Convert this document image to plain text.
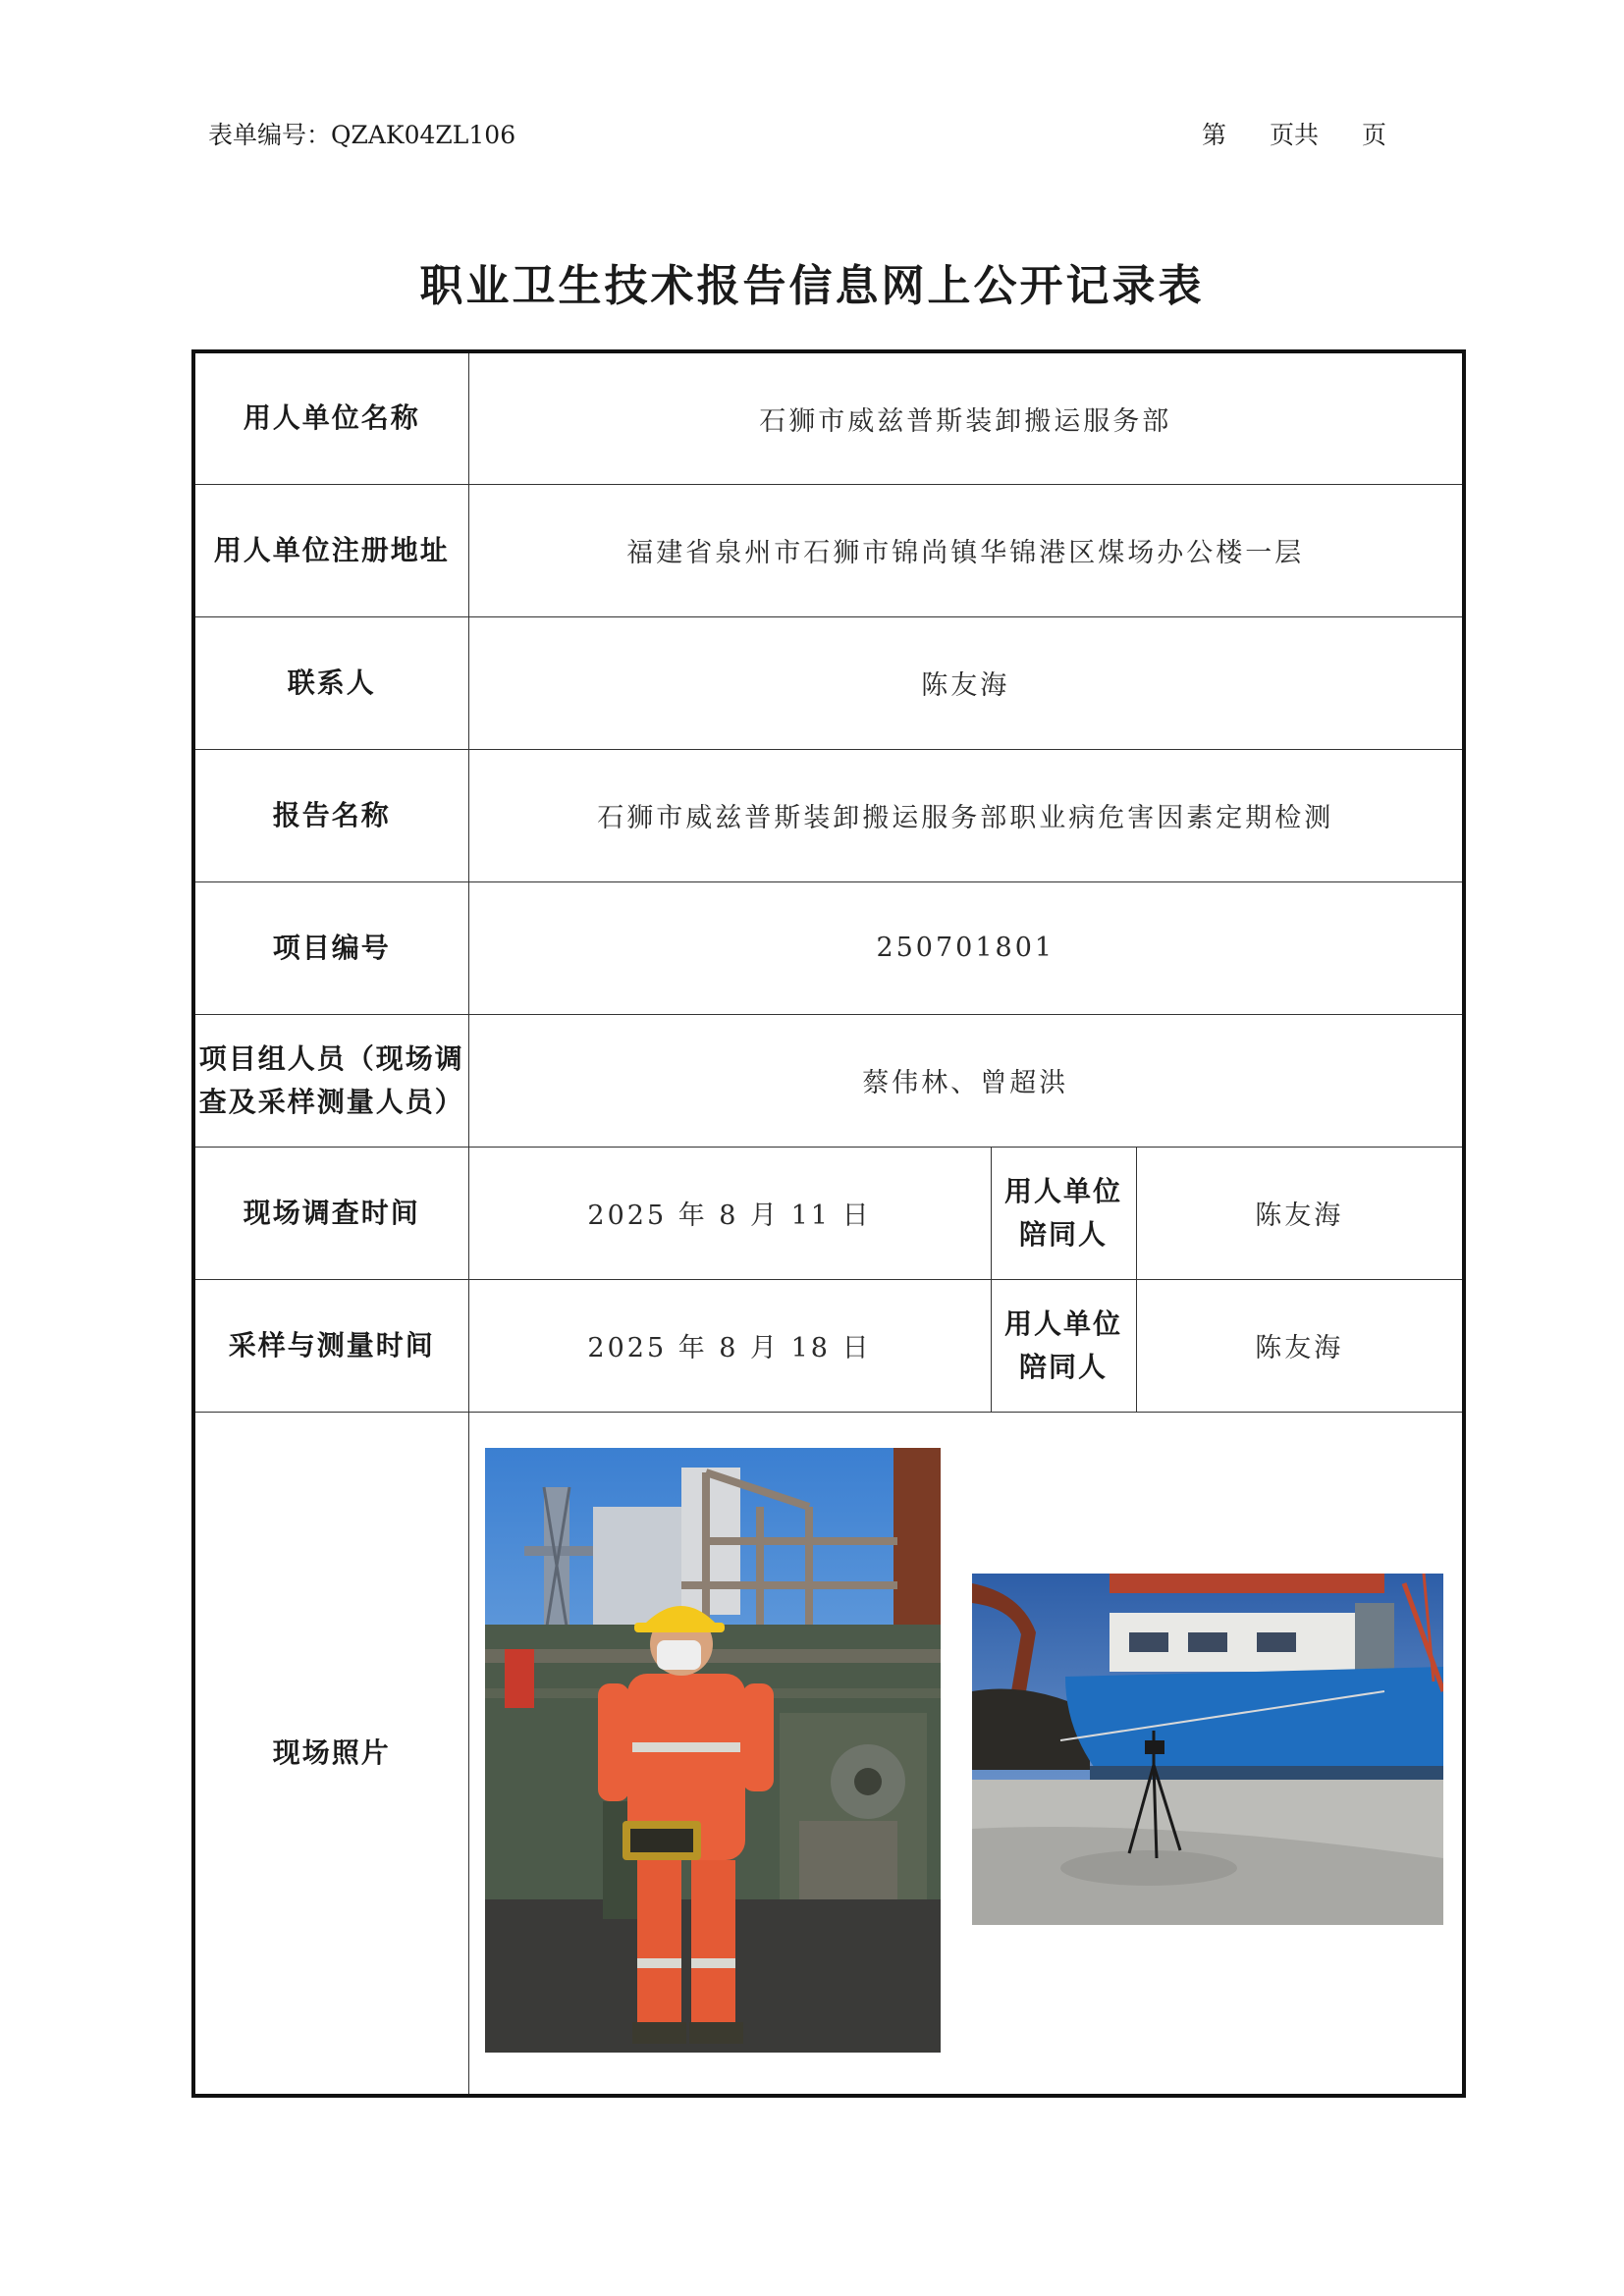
表单编号：QZAK04ZL106	第 页共 页
职业卫生技术报告信息网上公开记录表
用人单位名称	石狮市威兹普斯装卸搬运服务部		
用人单位注册地址	福建省泉州市石狮市锦尚镇华锦港区煤场办公楼一层		
联系人	陈友海		
报告名称	石狮市威兹普斯装卸搬运服务部职业病危害因素定期检测		
项目编号	250701801		

项目组人员（现场调
查及采样测量人员）	蔡伟林、曾超洪		
现场调查时间	2025 年 8 月 11 日	用人单位
陪同人	陈友海
采样与测量时间	2025 年 8 月 18 日	用人单位
陪同人	陈友海
现场照片	
